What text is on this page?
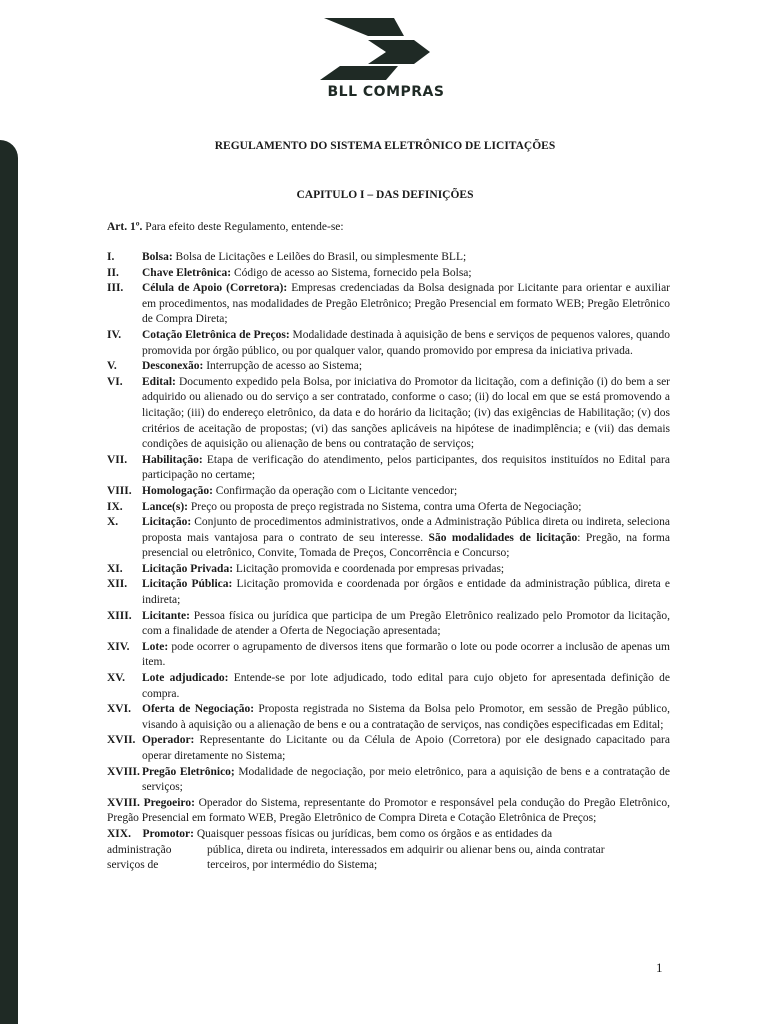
BLL COMPRAS
REGULAMENTO DO SISTEMA ELETRÔNICO DE LICITAÇÕES
CAPITULO I – DAS DEFINIÇÕES
Art. 1º. Para efeito deste Regulamento, entende-se:
I.	Bolsa: Bolsa de Licitações e Leilões do Brasil, ou simplesmente BLL;
II.	Chave Eletrônica: Código de acesso ao Sistema, fornecido pela Bolsa;
III.	Célula de Apoio (Corretora): Empresas credenciadas da Bolsa designada por Licitante para orientar e auxiliar em procedimentos, nas modalidades de Pregão Eletrônico; Pregão Presencial em formato WEB; Pregão Eletrônico de Compra Direta;
IV.	Cotação Eletrônica de Preços: Modalidade destinada à aquisição de bens e serviços de pequenos valores, quando promovida por órgão público, ou por qualquer valor, quando promovido por empresa da iniciativa privada.
V.	Desconexão: Interrupção de acesso ao Sistema;
VI.	Edital: Documento expedido pela Bolsa, por iniciativa do Promotor da licitação, com a definição (i) do bem a ser adquirido ou alienado ou do serviço a ser contratado, conforme o caso; (ii) do local em que se está promovendo a licitação; (iii) do endereço eletrônico, da data e do horário da licitação; (iv) das exigências de Habilitação; (v) dos critérios de aceitação de propostas; (vi) das sanções aplicáveis na hipótese de inadimplência; e (vii) das demais condições de aquisição ou alienação de bens ou contratação de serviços;
VII.	Habilitação: Etapa de verificação do atendimento, pelos participantes, dos requisitos instituídos no Edital para participação no certame;
VIII. Homologação: Confirmação da operação com o Licitante vencedor;
IX.	Lance(s): Preço ou proposta de preço registrada no Sistema, contra uma Oferta de Negociação;
X.	Licitação: Conjunto de procedimentos administrativos, onde a Administração Pública direta ou indireta, seleciona proposta mais vantajosa para o contrato de seu interesse. São modalidades de licitação: Pregão, na forma presencial ou eletrônico, Convite, Tomada de Preços, Concorrência e Concurso;
XI.	Licitação Privada: Licitação promovida e coordenada por empresas privadas;
XII.	Licitação Pública: Licitação promovida e coordenada por órgãos e entidade da administração pública, direta e indireta;
XIII. Licitante: Pessoa física ou jurídica que participa de um Pregão Eletrônico realizado pelo Promotor da licitação, com a finalidade de atender a Oferta de Negociação apresentada;
XIV.	Lote: pode ocorrer o agrupamento de diversos itens que formarão o lote ou pode ocorrer a inclusão de apenas um item.
XV.	Lote adjudicado: Entende-se por lote adjudicado, todo edital para cujo objeto for apresentada definição de compra.
XVI. Oferta de Negociação: Proposta registrada no Sistema da Bolsa pelo Promotor, em sessão de Pregão público, visando à aquisição ou a alienação de bens e ou a contratação de serviços, nas condições especificadas em Edital;
XVII. Operador: Representante do Licitante ou da Célula de Apoio (Corretora) por ele designado capacitado para operar diretamente no Sistema;
XVIII. Pregão Eletrônico; Modalidade de negociação, por meio eletrônico, para a aquisição de bens e a contratação de serviços;
XVIII. Pregoeiro: Operador do Sistema, representante do Promotor e responsável pela condução do Pregão Eletrônico, Pregão Presencial em formato WEB, Pregão Eletrônico de Compra Direta e Cotação Eletrônica de Preços;
XIX. Promotor: Quaisquer pessoas físicas ou jurídicas, bem como os órgãos e as entidades da
administração	pública, direta ou indireta, interessados em adquirir ou alienar bens ou, ainda contratar
serviços de	terceiros, por intermédio do Sistema;
1
